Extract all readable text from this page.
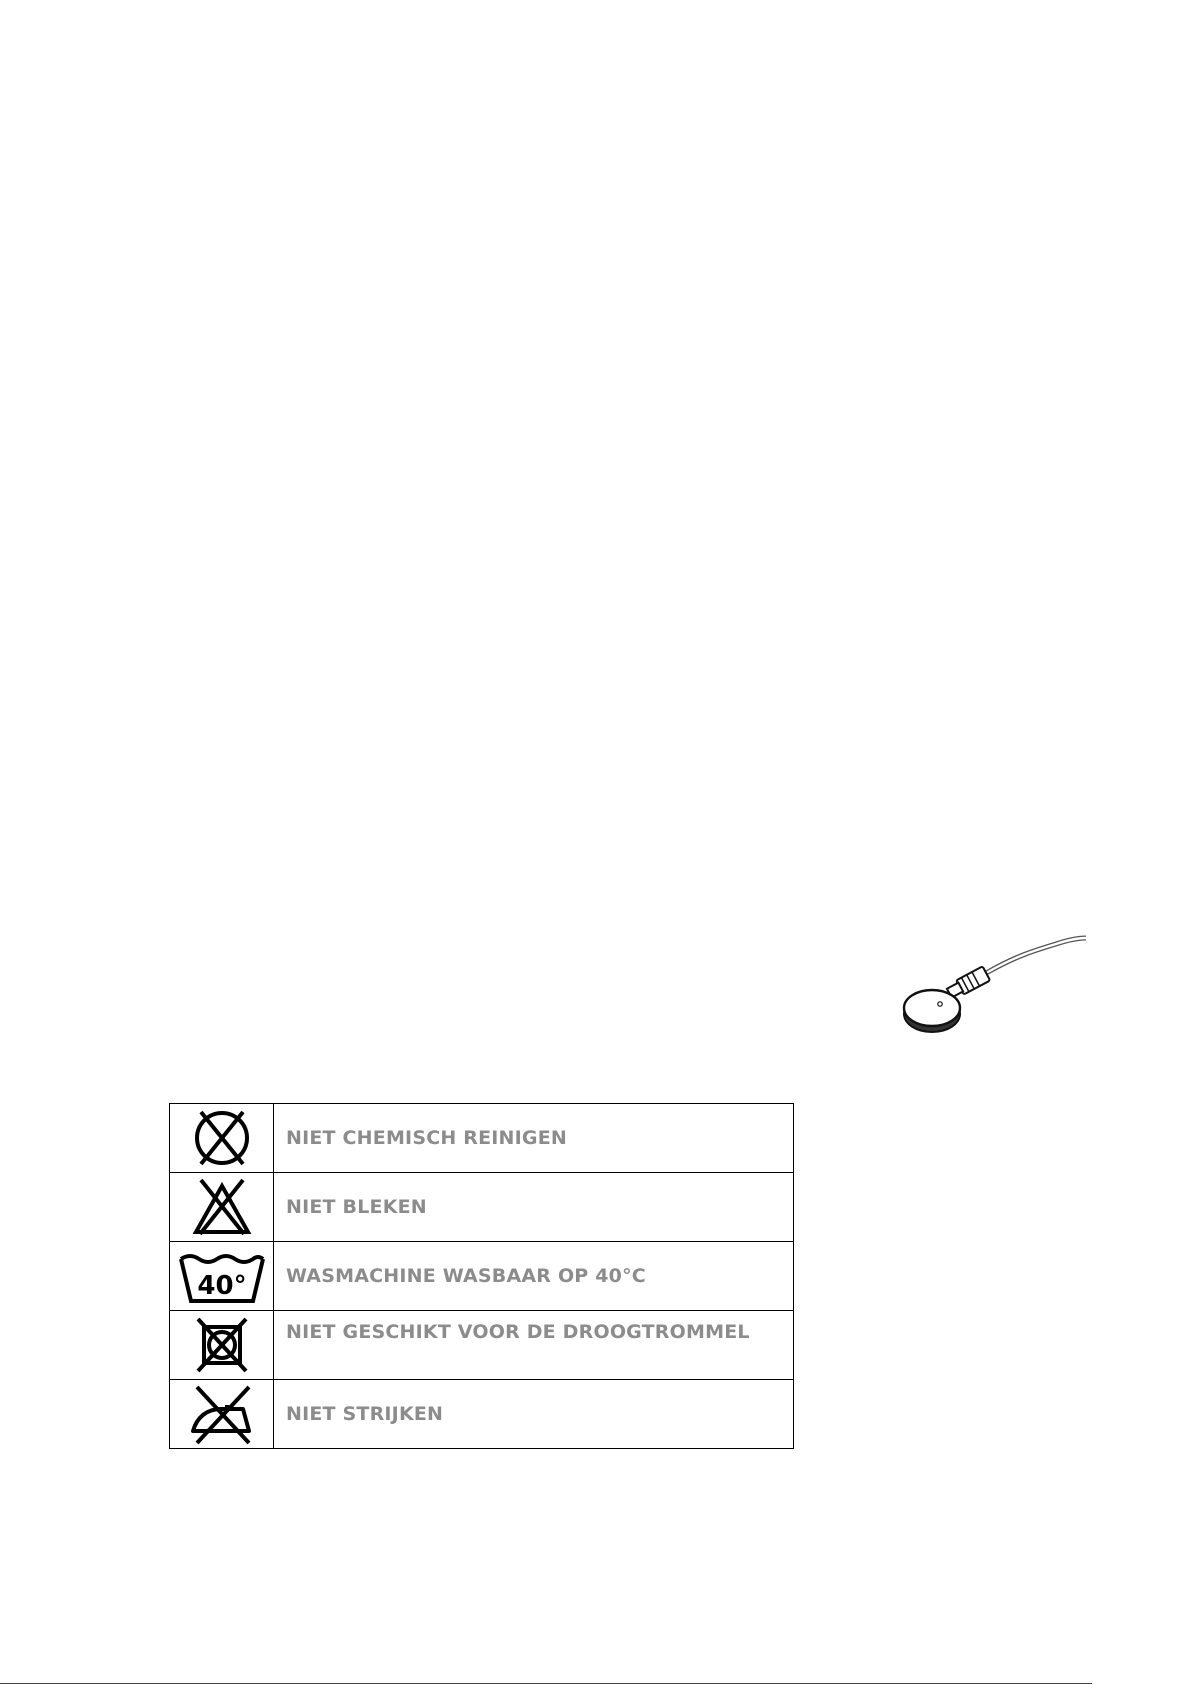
	NIET CHEMISCH REINIGEN

	NIET BLEKEN

40°	WASMACHINE WASBAAR OP 40°C

	NIET GESCHIKT VOOR DE DROOGTROMMEL

	NIET STRIJKEN
